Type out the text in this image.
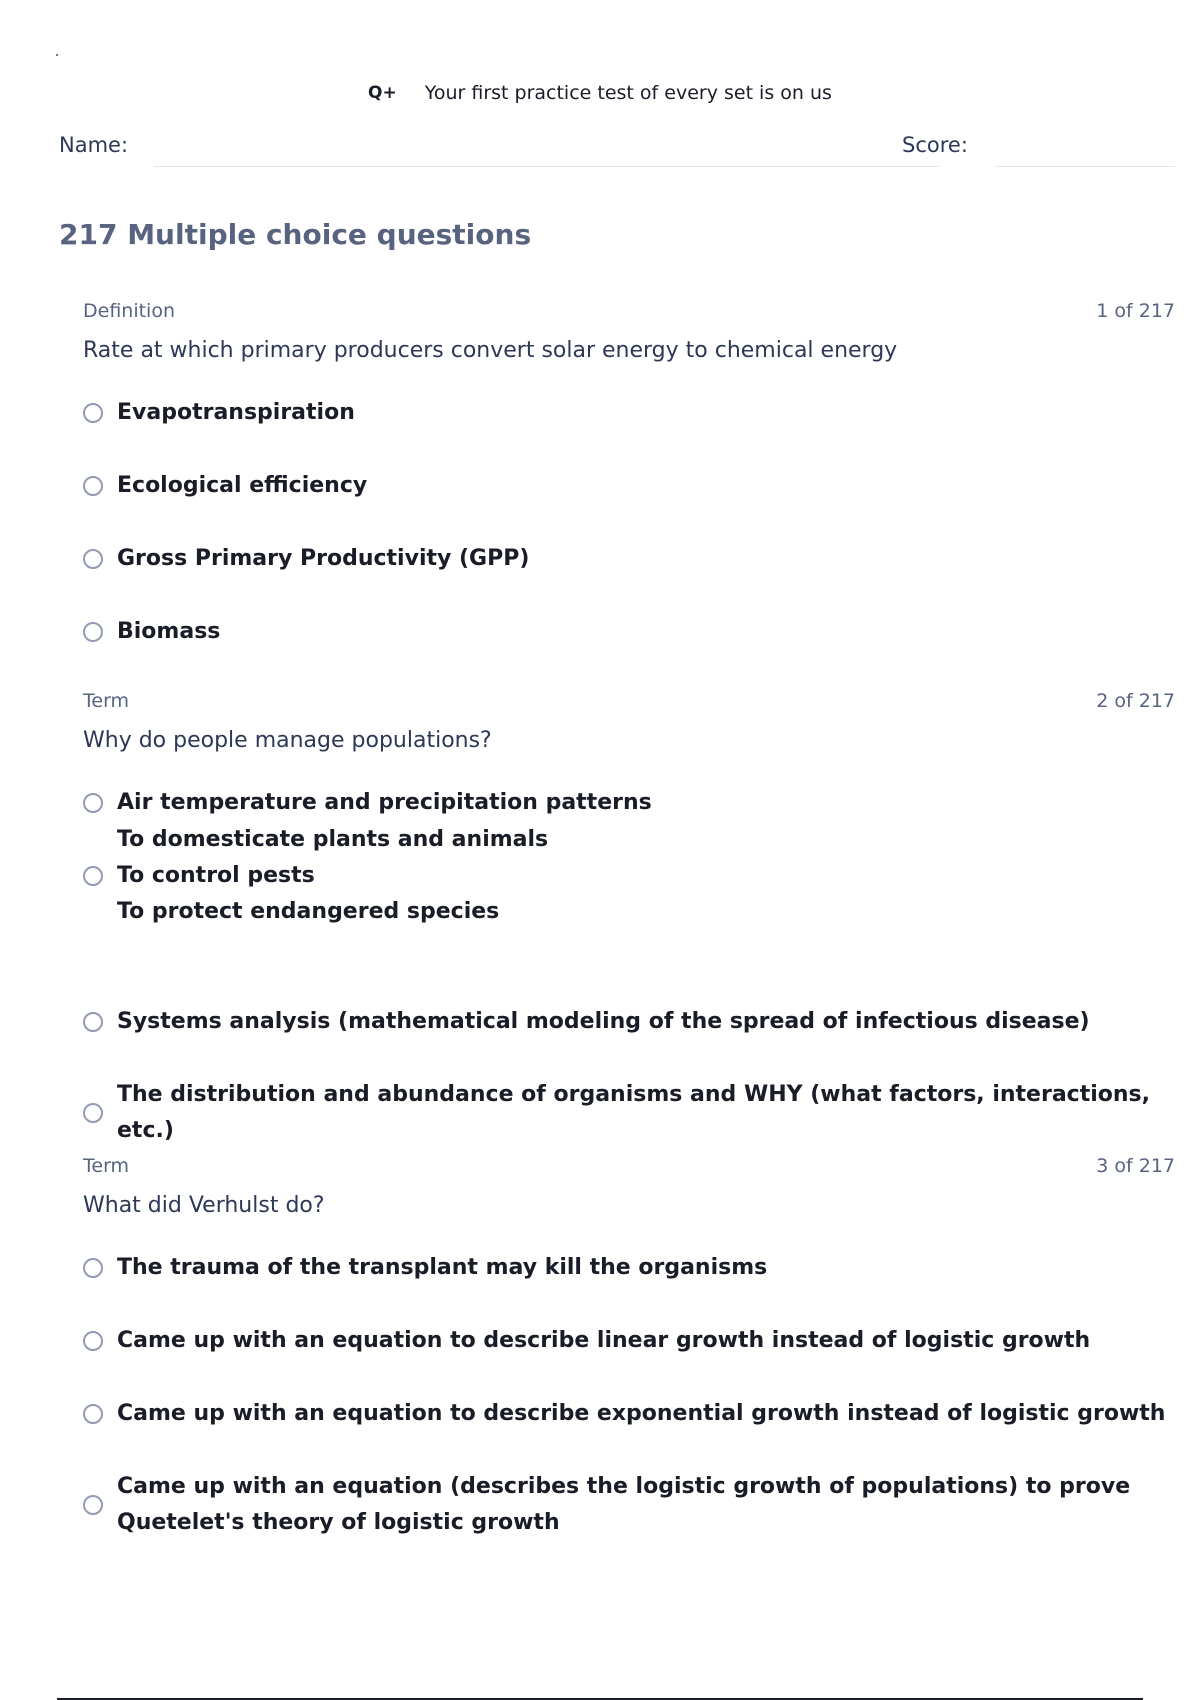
Q+ Your first practice test of every set is on us
Name:	Score:
217 Multiple choice questions
Definition	1 of 217
Rate at which primary producers convert solar energy to chemical energy
Evapotranspiration
Ecological efficiency
Gross Primary Productivity (GPP)
Biomass
Term	2 of 217
Why do people manage populations?
Air temperature and precipitation patterns
To domesticate plants and animals
To control pests
To protect endangered species
Systems analysis (mathematical modeling of the spread of infectious disease)
The distribution and abundance of organisms and WHY (what factors, interactions, etc.)
Term	3 of 217
What did Verhulst do?
The trauma of the transplant may kill the organisms
Came up with an equation to describe linear growth instead of logistic growth
Came up with an equation to describe exponential growth instead of logistic growth
Came up with an equation (describes the logistic growth of populations) to prove
Quetelet's theory of logistic growth
